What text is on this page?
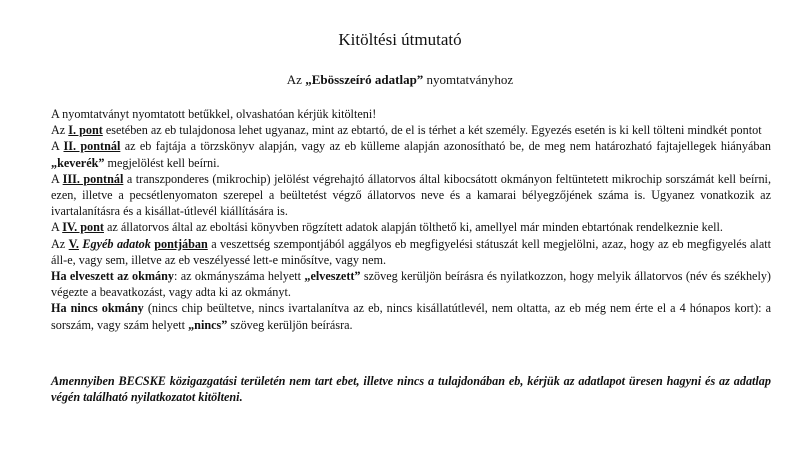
Kitöltési útmutató
Az „Ebösszeíró adatlap” nyomtatványhoz

A nyomtatványt nyomtatott betűkkel, olvashatóan kérjük kitölteni!

Az I. pont esetében az eb tulajdonosa lehet ugyanaz, mint az ebtartó, de el is térhet a két személy. Egyezés esetén is ki kell tölteni mindkét pontot

A II. pontnál az eb fajtája a törzskönyv alapján, vagy az eb külleme alapján azonosítható be, de meg nem határozható fajtajellegek hiányában „keverék” megjelölést kell beírni.

A III. pontnál a transzponderes (mikrochip) jelölést végrehajtó állatorvos által kibocsátott okmányon feltüntetett mikrochip sorszámát kell beírni, ezen, illetve a pecsétlenyomaton szerepel a beültetést végző állatorvos neve és a kamarai bélyegzőjének száma is. Ugyanez vonatkozik az ivartalanításra és a kisállat-útlevél kiállítására is.

A IV. pont az állatorvos által az eboltási könyvben rögzített adatok alapján tölthető ki, amellyel már minden ebtartónak rendelkeznie kell.

Az V. Egyéb adatok pontjában a veszettség szempontjából aggályos eb megfigyelési státuszát kell megjelölni, azaz, hogy az eb megfigyelés alatt áll-e, vagy sem, illetve az eb veszélyessé lett-e minősítve, vagy nem.

Ha elveszett az okmány: az okmányszáma helyett „elveszett” szöveg kerüljön beírásra és nyilatkozzon, hogy melyik állatorvos (név és székhely) végezte a beavatkozást, vagy adta ki az okmányt.

Ha nincs okmány (nincs chip beültetve, nincs ivartalanítva az eb, nincs kisállatútlevél, nem oltatta, az eb még nem érte el a 4 hónapos kort): a sorszám, vagy szám helyett „nincs” szöveg kerüljön beírásra.

Amennyiben BECSKE közigazgatási területén nem tart ebet, illetve nincs a tulajdonában eb, kérjük az adatlapot üresen hagyni és az adatlap végén található nyilatkozatot kitölteni.
